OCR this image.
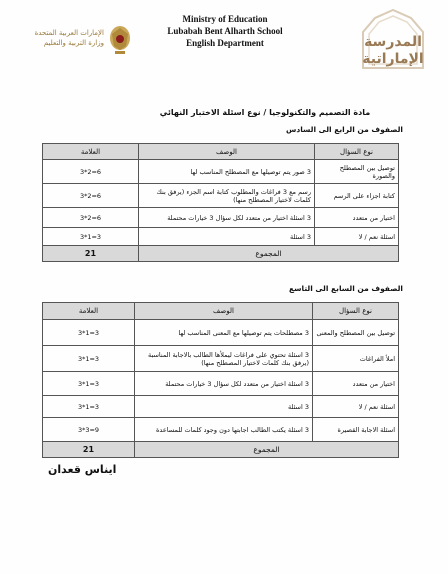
الإمارات العربية المتحدة
وزارة التربية والتعليم
Ministry of Education
Lubabah Bent Alharth School
English Department	المدرسة
الإماراتية
مادة التصميم والتكنولوجيا / نوع اسئلة الاختبار النهائي
الصفوف من الرابع الى السادس
نوع السؤال	الوصف	العلامة
توصيل بين المصطلح والصورة	3 صور يتم توصيلها مع المصطلح المناسب لها	3*2=6
كتابة اجزاء على الرسم	رسم مع 3 فراغات والمطلوب كتابة اسم الجزء (يرفق بنك كلمات لاختيار المصطلح منها)	3*2=6
اختيار من متعدد	3 اسئلة اختيار من متعدد لكل سؤال 3 خيارات محتملة	3*2=6
اسئلة نعم / لا	3 اسئلة	3*1=3
المجموع		21
الصفوف من السابع الى التاسع
نوع السؤال	الوصف	العلامة
توصيل بين المصطلح والمعنى	3 مصطلحات يتم توصيلها مع المعنى المناسب لها	3*1=3
املأ الفراغات	3 اسئلة تحتوي على فراغات ليملأها الطالب بالاجابة المناسبة (يرفق بنك كلمات لاختيار المصطلح منها)	3*1=3
اختيار من متعدد	3 اسئلة اختيار من متعدد لكل سؤال 3 خيارات محتملة	3*1=3
اسئلة نعم / لا	3 اسئلة	3*1=3
اسئلة الاجابة القصيرة	3 اسئلة يكتب الطالب اجابتها دون وجود كلمات للمساعدة	3*3=9
المجموع		21
ايناس قعدان
